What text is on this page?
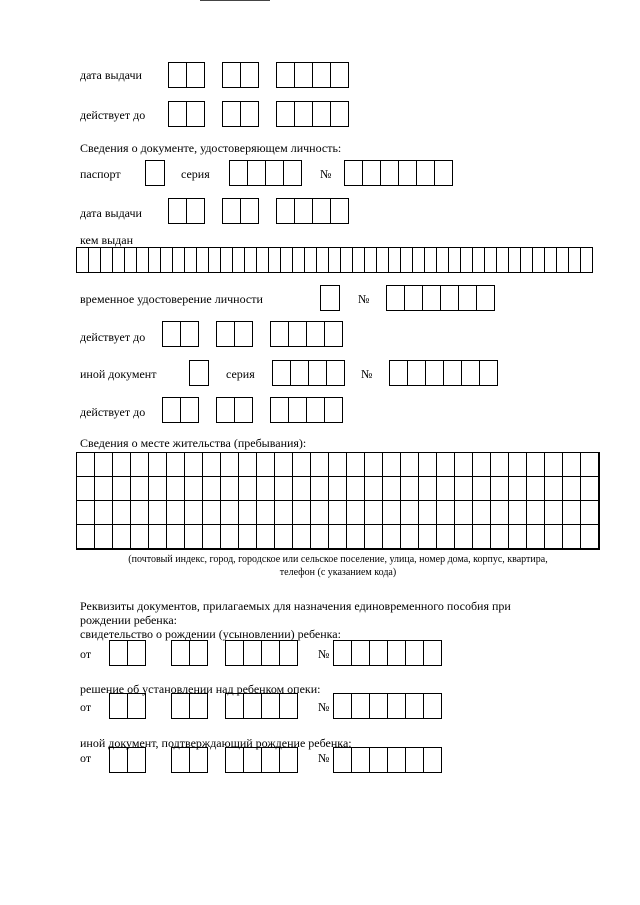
дата выдачи
действует до
Сведения о документе, удостоверяющем личность:
паспорт	серия	№
дата выдачи
кем выдан
временное удостоверение личности	№
действует до
иной документ	серия	№
действует до
Сведения о месте жительства (пребывания):
(почтовый индекс, город, городское или сельское поселение, улица, номер дома, корпус, квартира,
телефон (с указанием кода)
Реквизиты документов, прилагаемых для назначения единовременного пособия при
рождении ребенка:
свидетельство о рождении (усыновлении) ребенка:
от	№
решение об установлении над ребенком опеки:
от	№
иной документ, подтверждающий рождение ребенка:
от	№
